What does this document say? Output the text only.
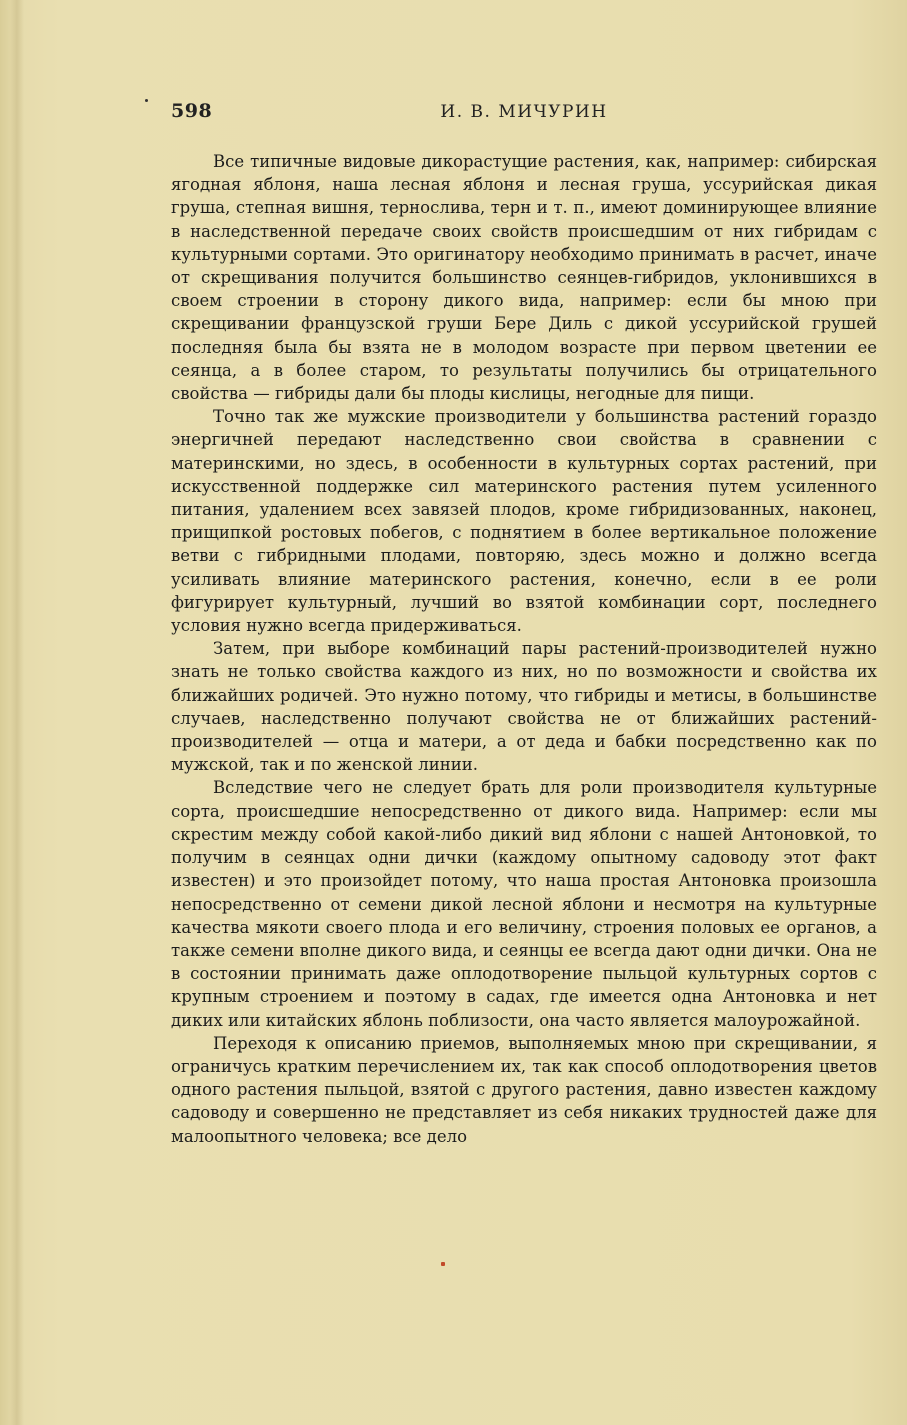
598	И. В. МИЧУРИН

Все типичные видовые дикорастущие растения, как, например: сибирская ягодная яблоня, наша лесная яблоня и лесная груша, уссурийская дикая груша, степная вишня, тернослива, терн и т. п., имеют доминирующее влияние в наследственной передаче своих свойств происшедшим от них гибридам с культурными сортами. Это оригинатору необходимо принимать в расчет, иначе от скрещивания получится большинство сеянцев-гибридов, уклонившихся в своем строении в сторону дикого вида, например: если бы мною при скрещивании французской груши Бере Диль с дикой уссурийской грушей последняя была бы взята не в молодом возрасте при первом цветении ее сеянца, а в более старом, то результаты получились бы отрицательного свойства — гибриды дали бы плоды кислицы, негодные для пищи.

Точно так же мужские производители у большинства растений гораздо энергичней передают наследственно свои свойства в сравнении с материнскими, но здесь, в особенности в культурных сортах растений, при искусственной поддержке сил материнского растения путем усиленного питания, удалением всех завязей плодов, кроме гибридизованных, наконец, прищипкой ростовых побегов, с поднятием в более вертикальное положение ветви с гибридными плодами, повторяю, здесь можно и должно всегда усиливать влияние материнского растения, конечно, если в ее роли фигурирует культурный, лучший во взятой комбинации сорт, последнего условия нужно всегда придерживаться.

Затем, при выборе комбинаций пары растений-производителей нужно знать не только свойства каждого из них, но по возможности и свойства их ближайших родичей. Это нужно потому, что гибриды и метисы, в большинстве случаев, наследственно получают свойства не от ближайших растений-производителей — отца и матери, а от деда и бабки посредственно как по мужской, так и по женской линии.

Вследствие чего не следует брать для роли производителя культурные сорта, происшедшие непосредственно от дикого вида. Например: если мы скрестим между собой какой-либо дикий вид яблони с нашей Антоновкой, то получим в сеянцах одни дички (каждому опытному садоводу этот факт известен) и это произойдет потому, что наша простая Антоновка произошла непосредственно от семени дикой лесной яблони и несмотря на культурные качества мякоти своего плода и его величину, строения половых ее органов, а также семени вполне дикого вида, и сеянцы ее всегда дают одни дички. Она не в состоянии принимать даже оплодотворение пыльцой культурных сортов с крупным строением и поэтому в садах, где имеется одна Антоновка и нет диких или китайских яблонь поблизости, она часто является малоурожайной.

Переходя к описанию приемов, выполняемых мною при скрещивании, я ограничусь кратким перечислением их, так как способ оплодотворения цветов одного растения пыльцой, взятой с другого растения, давно известен каждому садоводу и совершенно не представляет из себя никаких трудностей даже для малоопытного человека; все дело
